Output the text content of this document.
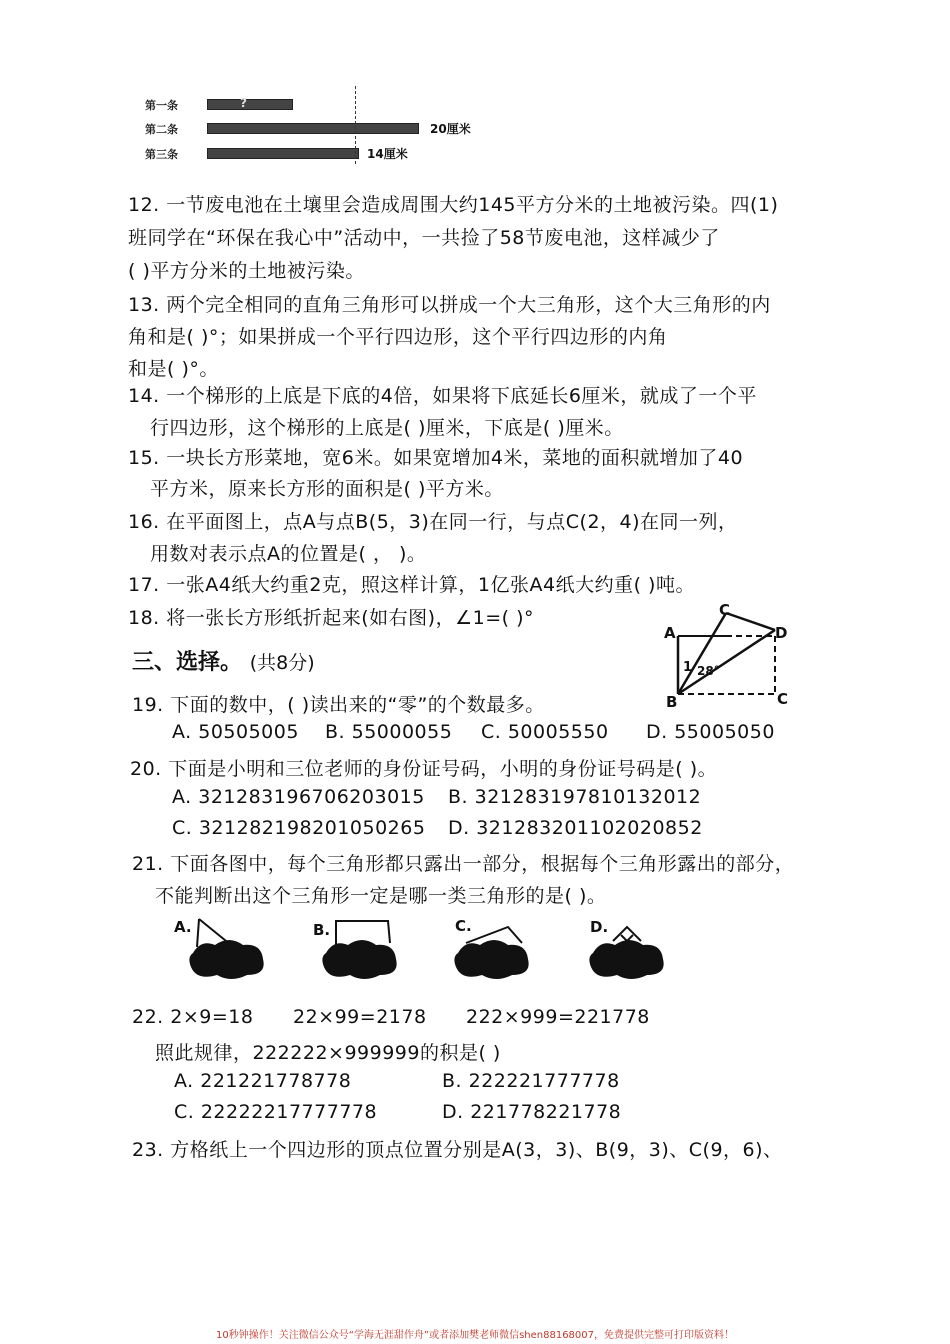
第一条	?
第二条	20厘米
第三条	14厘米
12. 一节废电池在土壤里会造成周围大约145平方分米的土地被污染。四(1)
班同学在“环保在我心中”活动中，一共捡了58节废电池，这样减少了
( )平方分米的土地被污染。
13. 两个完全相同的直角三角形可以拼成一个大三角形，这个大三角形的内
角和是( )°；如果拼成一个平行四边形，这个平行四边形的内角
和是( )°。
14. 一个梯形的上底是下底的4倍，如果将下底延长6厘米，就成了一个平
行四边形，这个梯形的上底是( )厘米，下底是( )厘米。
15. 一块长方形菜地，宽6米。如果宽增加4米，菜地的面积就增加了40
平方米，原来长方形的面积是( )平方米。
16. 在平面图上，点A与点B(5，3)在同一行，与点C(2，4)在同一列，
用数对表示点A的位置是( ， )。
17. 一张A4纸大约重2克，照这样计算，1亿张A4纸大约重( )吨。
18. 将一张长方形纸折起来(如右图)，∠1=( )°
A
C
D
B	C
1 28°
三、选择。 (共8分)
19. 下面的数中，( )读出来的“零”的个数最多。
A. 50505005 B. 55000055 C. 50005550 D. 55005050
20. 下面是小明和三位老师的身份证号码，小明的身份证号码是( )。
A. 321283196706203015 B. 321283197810132012
C. 321282198201050265 D. 321283201102020852
21. 下面各图中，每个三角形都只露出一部分，根据每个三角形露出的部分，
不能判断出这个三角形一定是哪一类三角形的是( )。
A.	B.	C.	D.
22. 2×9=18 22×99=2178 222×999=221778
照此规律，222222×999999的积是( )
A. 221221778778	B. 222221777778
C. 22222217777778	D. 221778221778
23. 方格纸上一个四边形的顶点位置分别是A(3，3)、B(9，3)、C(9，6)、
10秒钟操作！关注微信公众号“学海无涯甜作舟”或者添加樊老师微信shen88168007，免费提供完整可打印版资料！
